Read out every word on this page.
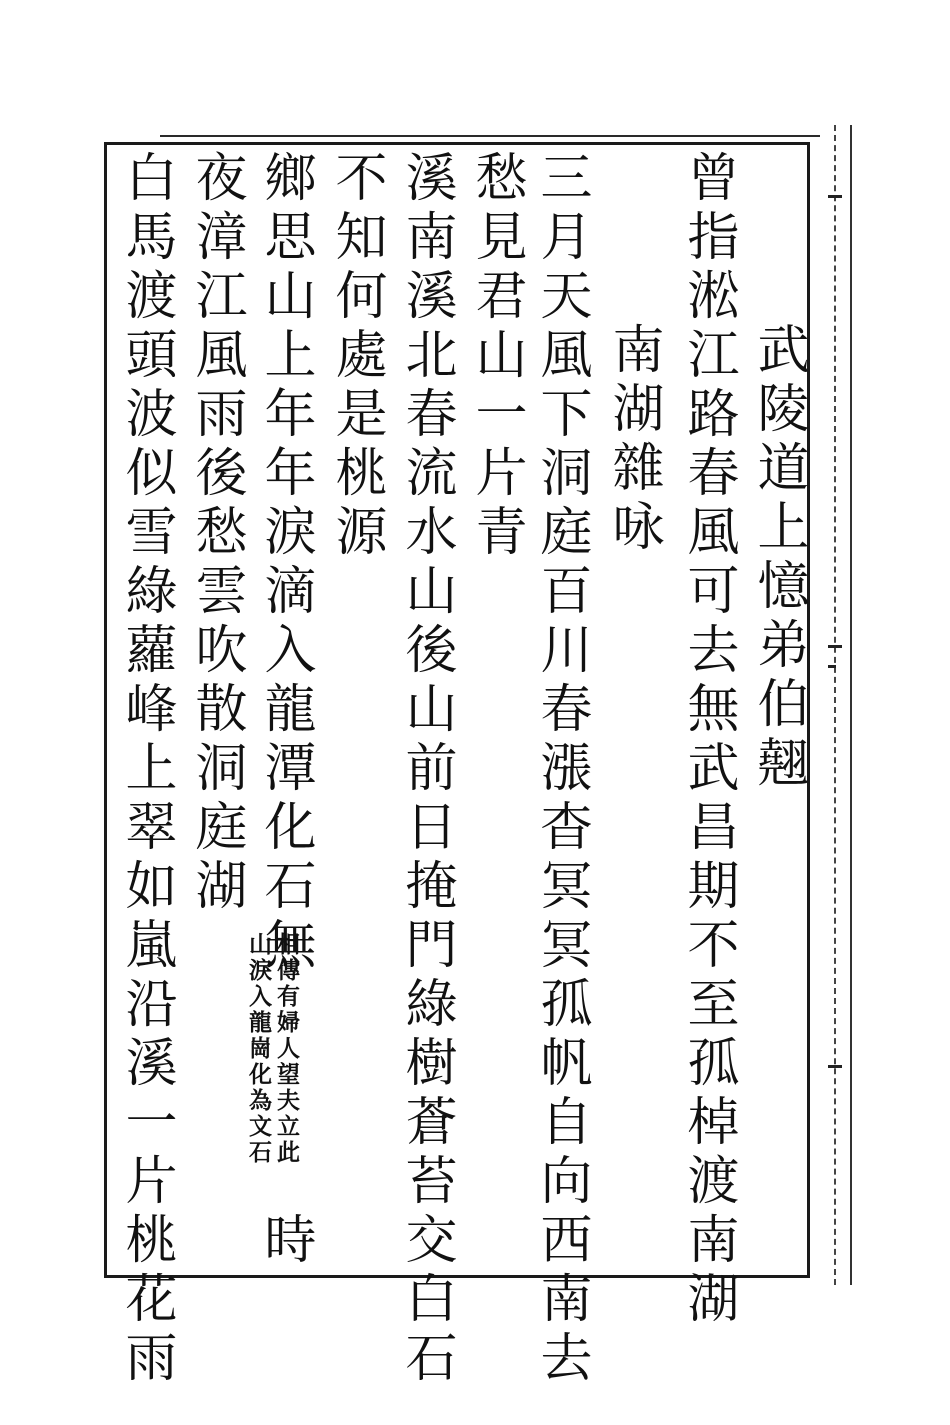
武陵道上憶弟伯翹
曾指淞江路春風可去無武昌期不至孤棹渡南湖
南湖雜咏
三月天風下洞庭百川春漲杳冥冥孤帆自向西南去
愁見君山一片青
溪南溪北春流水山後山前日掩門綠樹蒼苔交白石
不知何處是桃源
鄉思山上年年淚滴入龍潭化石無
相傳有婦人望夫立此
山淚入龍崗化為文石
時
夜漳江風雨後愁雲吹散洞庭湖
白馬渡頭波似雪綠蘿峰上翠如嵐沿溪一片桃花雨
